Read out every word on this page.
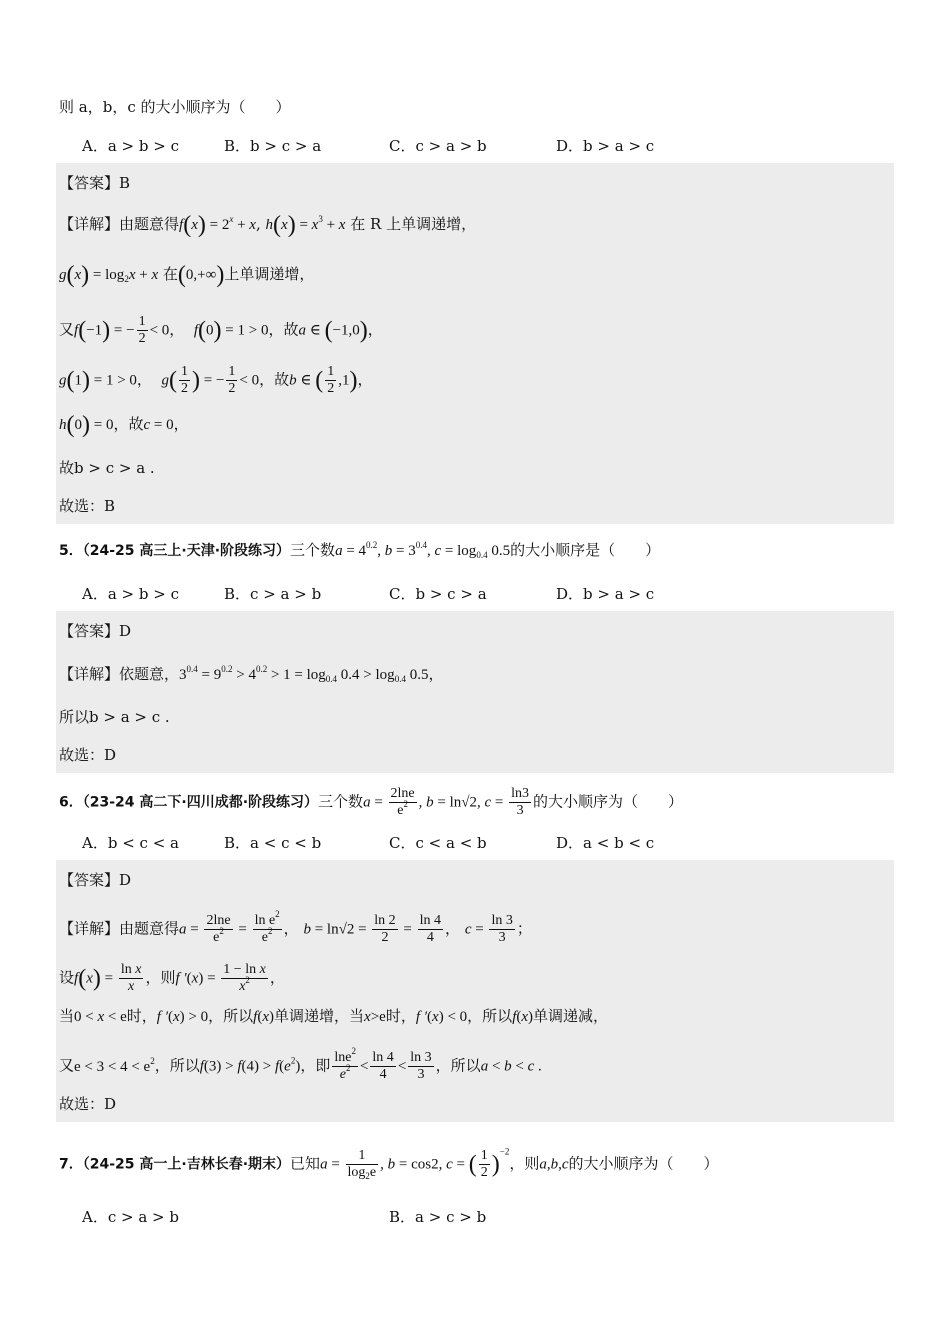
则 a，b，c 的大小顺序为（　　）
A．a > b > c	B．b > c > a	C．c > a > b	D．b > a > c
【答案】B
【详解】由题意得$f(x) = 2^x + x$, $h(x) = x^3 + x$ 在 R 上单调递增，
$g(x) = \log_2x + x$ 在(0,+∞)上单调递增，
又f(−1) = − $\frac{1}{2} < 0$， f(0) = 1 > 0，故a ∈ (−1,0)，
g(1) = 1 > 0， $g( \frac{1}{2}$ ) = − $\frac{1}{2} < 0$，故b ∈ ( $\frac{1}{2} ,1$)，
h(0) = 0，故c = 0，
故b > c > a .
故选：B
5．（24-25 高三上·天津·阶段练习）三个数$a = 4^{0.2}$, $b = 3^{0.4}$, $c = \log_{0.4} 0.5$的大小顺序是（　　）
A．a > b > c	B．c > a > b	C．b > c > a	D．b > a > c
【答案】D
【详解】依题意，$3^{0.4} = 9^{0.2} > 4^{0.2} > 1 = \log_{0.4} 0.4 > \log_{0.4} 0.5$，
所以b > a > c .
故选：D
6．（23-24 高二下·四川成都·阶段练习）三个数$a = \frac{2\ln e}{e^2}$ , b = ln√2, $c = \frac{\ln 3}{3}$ 的大小顺序为（　　）
A．b < c < a	B．a < c < b	C．c < a < b	D．a < b < c
【答案】D
【详解】由题意得$a = \frac{2\ln e}{e^2} = \frac{\ln e^2}{e^2}$ ， $b = \ln√2 = \frac{\ln 2}{2} = \frac{\ln 4}{4}$ ， $c = \frac{\ln 3}{3}$ ；
设$f(x) = \frac{\text{ln x}}{x}$ ，则f $'(x) = \frac{\text{1 − ln x}}{x^2}$ ，
当0 < x < e时，f ′(x) > 0，所以f(x)单调递增，当x>e时，f ′(x) < 0，所以f(x)单调递减，
又$e < 3 < 4 < e^2$，所以$f(3) > f(4) > f(e^2)$，即 $\frac{\ln e^2}{e^2} < \frac{\ln 4}{4} < \frac{\ln 3}{3}$ ，所以a < b < c .
故选：D
7．（24-25 高一上·吉林长春·期末）已知$a = \frac{1}{\log_2e}$ , b = cos2, c = ( $\frac{1}{2} )^{-2}$，则a,b,c的大小顺序为（　　）
A．c > a > b	B．a > c > b
